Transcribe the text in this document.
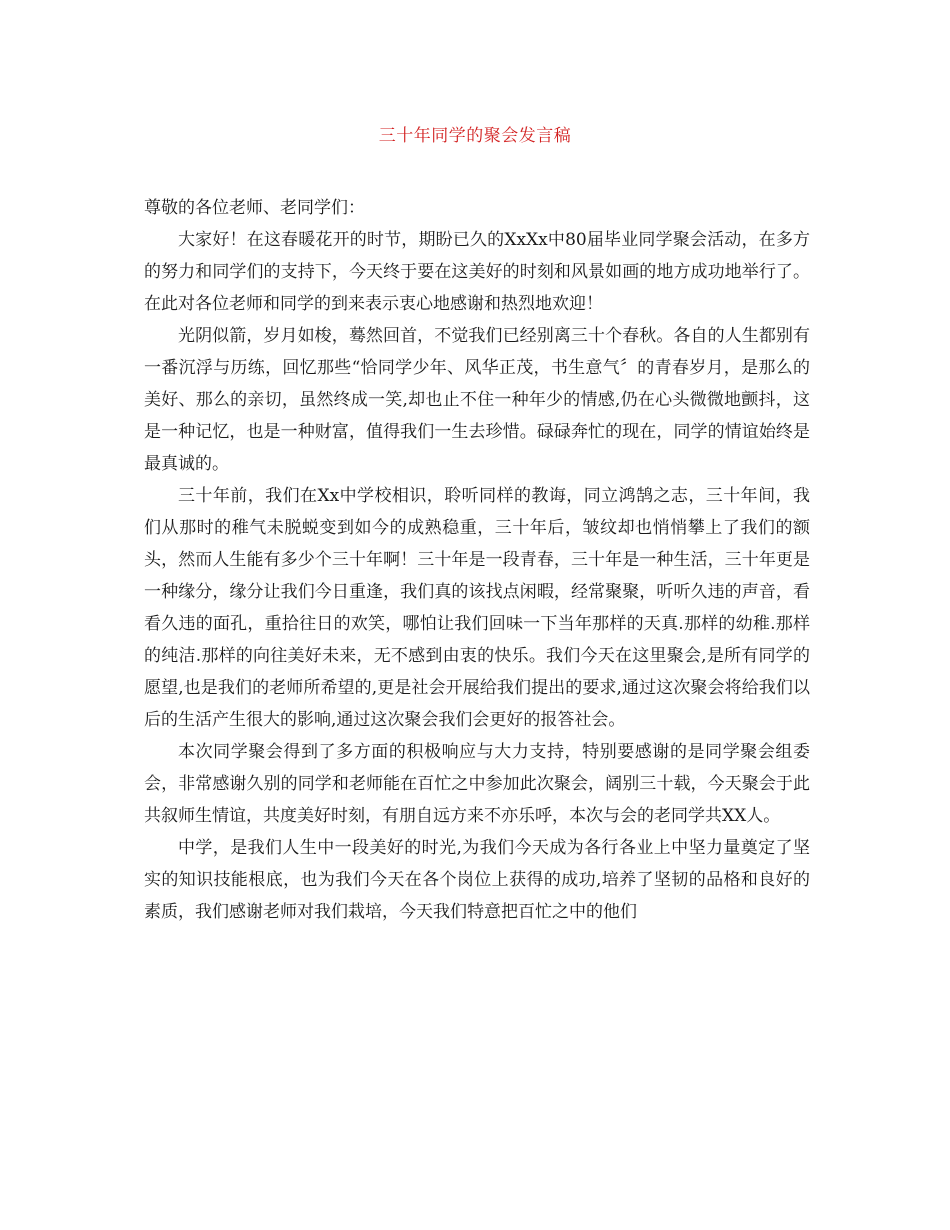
三十年同学的聚会发言稿

尊敬的各位老师、老同学们：

大家好！在这春暖花开的时节，期盼已久的XxXx中80届毕业同学聚会活动，在多方的努力和同学们的支持下，今天终于要在这美好的时刻和风景如画的地方成功地举行了。在此对各位老师和同学的到来表示衷心地感谢和热烈地欢迎！

光阴似箭，岁月如梭，蓦然回首，不觉我们已经别离三十个春秋。各自的人生都别有一番沉浮与历练，回忆那些“恰同学少年、风华正茂，书生意气〞的青春岁月，是那么的美好、那么的亲切，虽然终成一笑,却也止不住一种年少的情感,仍在心头微微地颤抖，这是一种记忆，也是一种财富，值得我们一生去珍惜。碌碌奔忙的现在，同学的情谊始终是最真诚的。

三十年前，我们在Xx中学校相识，聆听同样的教诲，同立鸿鹄之志，三十年间，我们从那时的稚气未脱蜕变到如今的成熟稳重，三十年后，皱纹却也悄悄攀上了我们的额头，然而人生能有多少个三十年啊！三十年是一段青春，三十年是一种生活，三十年更是一种缘分，缘分让我们今日重逢，我们真的该找点闲暇，经常聚聚，听听久违的声音，看看久违的面孔，重拾往日的欢笑，哪怕让我们回味一下当年那样的天真.那样的幼稚.那样的纯洁.那样的向往美好未来，无不感到由衷的快乐。我们今天在这里聚会,是所有同学的愿望,也是我们的老师所希望的,更是社会开展给我们提出的要求,通过这次聚会将给我们以后的生活产生很大的影响,通过这次聚会我们会更好的报答社会。

本次同学聚会得到了多方面的积极响应与大力支持，特别要感谢的是同学聚会组委会，非常感谢久别的同学和老师能在百忙之中参加此次聚会，阔别三十载，今天聚会于此共叙师生情谊，共度美好时刻，有朋自远方来不亦乐呼，本次与会的老同学共XX人。

中学，是我们人生中一段美好的时光,为我们今天成为各行各业上中坚力量奠定了坚实的知识技能根底，也为我们今天在各个岗位上获得的成功,培养了坚韧的品格和良好的素质，我们感谢老师对我们栽培，今天我们特意把百忙之中的他们
